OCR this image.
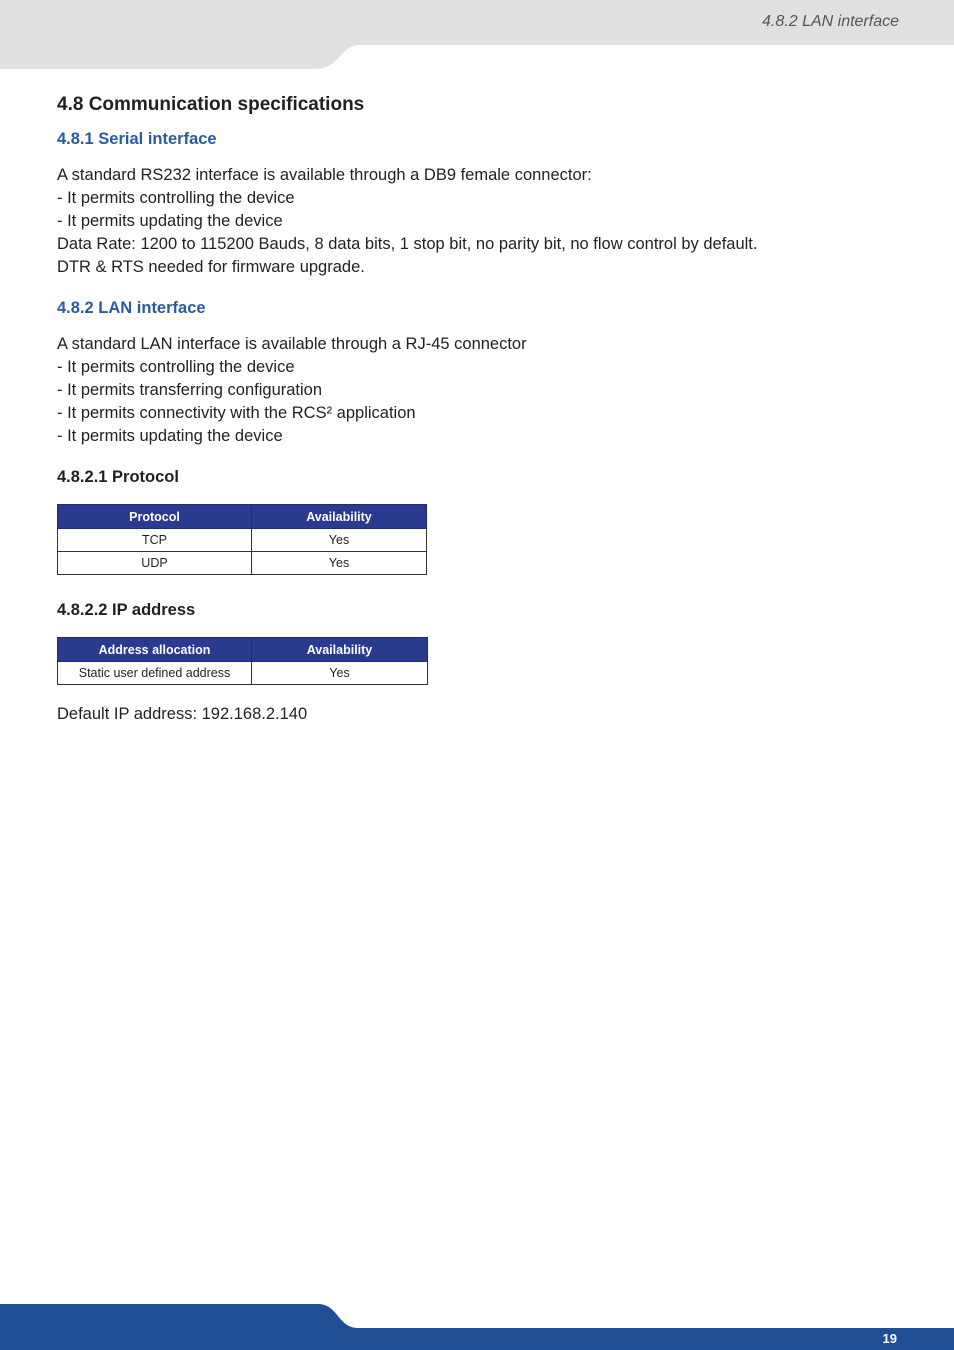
4.8.2 LAN interface
4.8 Communication specifications
4.8.1 Serial interface

A standard RS232 interface is available through a DB9 female connector:

- It permits controlling the device

- It permits updating the device

Data Rate: 1200 to 115200 Bauds, 8 data bits, 1 stop bit, no parity bit, no flow control by default.

DTR & RTS needed for firmware upgrade.

4.8.2 LAN interface

A standard LAN interface is available through a RJ-45 connector

- It permits controlling the device

- It permits transferring configuration

- It permits connectivity with the RCS² application

- It permits updating the device

4.8.2.1 Protocol
Protocol	Availability
TCP	Yes
UDP	Yes
4.8.2.2 IP address
Address allocation	Availability
Static user defined address	Yes

Default IP address: 192.168.2.140

19
